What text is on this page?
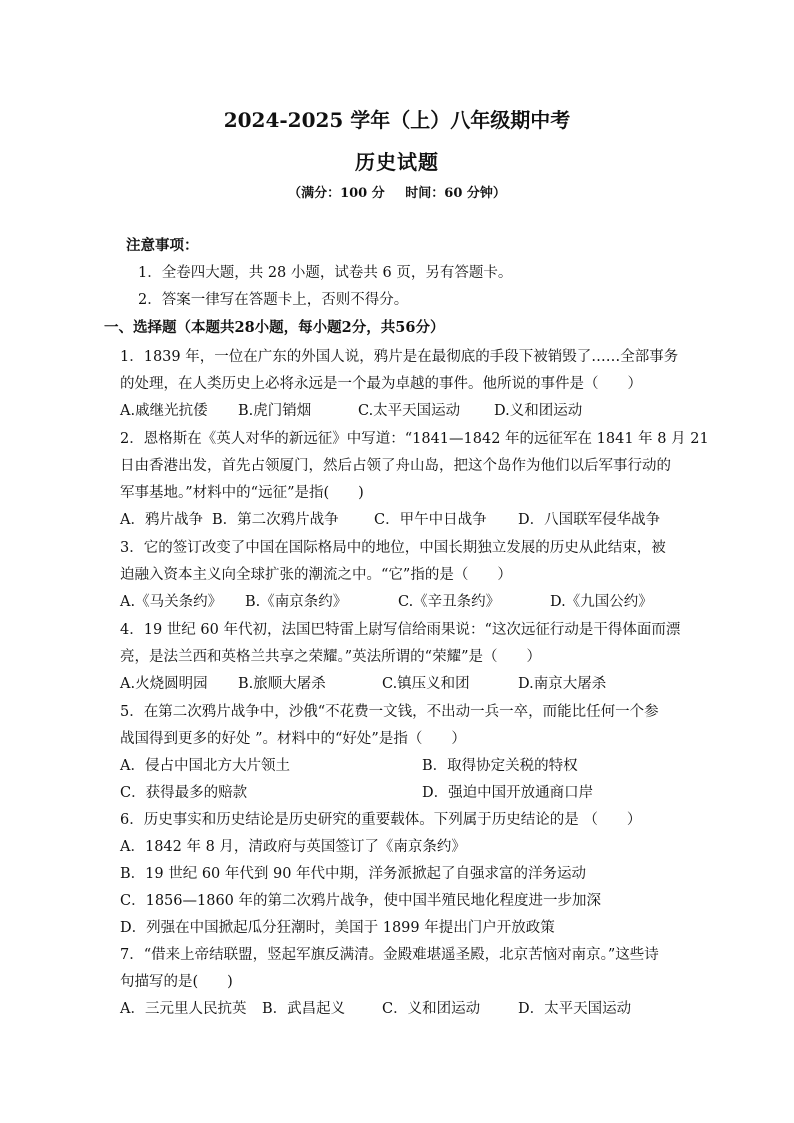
2024-2025 学年（上）八年级期中考
历史试题
（满分：100 分 时间：60 分钟）
注意事项：
1．全卷四大题，共 28 小题，试卷共 6 页，另有答题卡。
2．答案一律写在答题卡上，否则不得分。
一、选择题（本题共28小题，每小题2分，共56分）
1．1839 年，一位在广东的外国人说，鸦片是在最彻底的手段下被销毁了……全部事务
的处理，在人类历史上必将永远是一个最为卓越的事件。他所说的事件是（　　）
A.戚继光抗倭 B.虎门销烟	C.太平天国运动 D.义和团运动
2．恩格斯在《英人对华的新远征》中写道：“1841—1842 年的远征军在 1841 年 8 月 21
日由香港出发，首先占领厦门，然后占领了舟山岛，把这个岛作为他们以后军事行动的
军事基地。”材料中的“远征”是指(　　)
A．鸦片战争 B．第二次鸦片战争 C．甲午中日战争 D．八国联军侵华战争
3．它的签订改变了中国在国际格局中的地位，中国长期独立发展的历史从此结束，被
迫融入资本主义向全球扩张的潮流之中。“它”指的是（　　）
A.《马关条约》 B.《南京条约》	C.《辛丑条约》	D.《九国公约》
4．19 世纪 60 年代初，法国巴特雷上尉写信给雨果说：“这次远征行动是干得体面而漂
亮，是法兰西和英格兰共享之荣耀。”英法所谓的“荣耀”是（　　）
A.火烧圆明园 B.旅顺大屠杀	C.镇压义和团	D.南京大屠杀
5．在第二次鸦片战争中，沙俄“不花费一文钱，不出动一兵一卒，而能比任何一个参
战国得到更多的好处 ”。材料中的“好处”是指（　　）
A．侵占中国北方大片领土	B．取得协定关税的特权
C．获得最多的赔款	D．强迫中国开放通商口岸
6．历史事实和历史结论是历史研究的重要载体。下列属于历史结论的是 （　　）
A．1842 年 8 月，清政府与英国签订了《南京条约》
B．19 世纪 60 年代到 90 年代中期，洋务派掀起了自强求富的洋务运动
C．1856—1860 年的第二次鸦片战争，使中国半殖民地化程度进一步加深
D．列强在中国掀起瓜分狂潮时，美国于 1899 年提出门户开放政策
7．“借来上帝结联盟，竖起军旗反满清。金殿难堪遥圣殿，北京苦恼对南京。”这些诗
句描写的是(　　)
A．三元里人民抗英 B．武昌起义	C．义和团运动	D．太平天国运动
